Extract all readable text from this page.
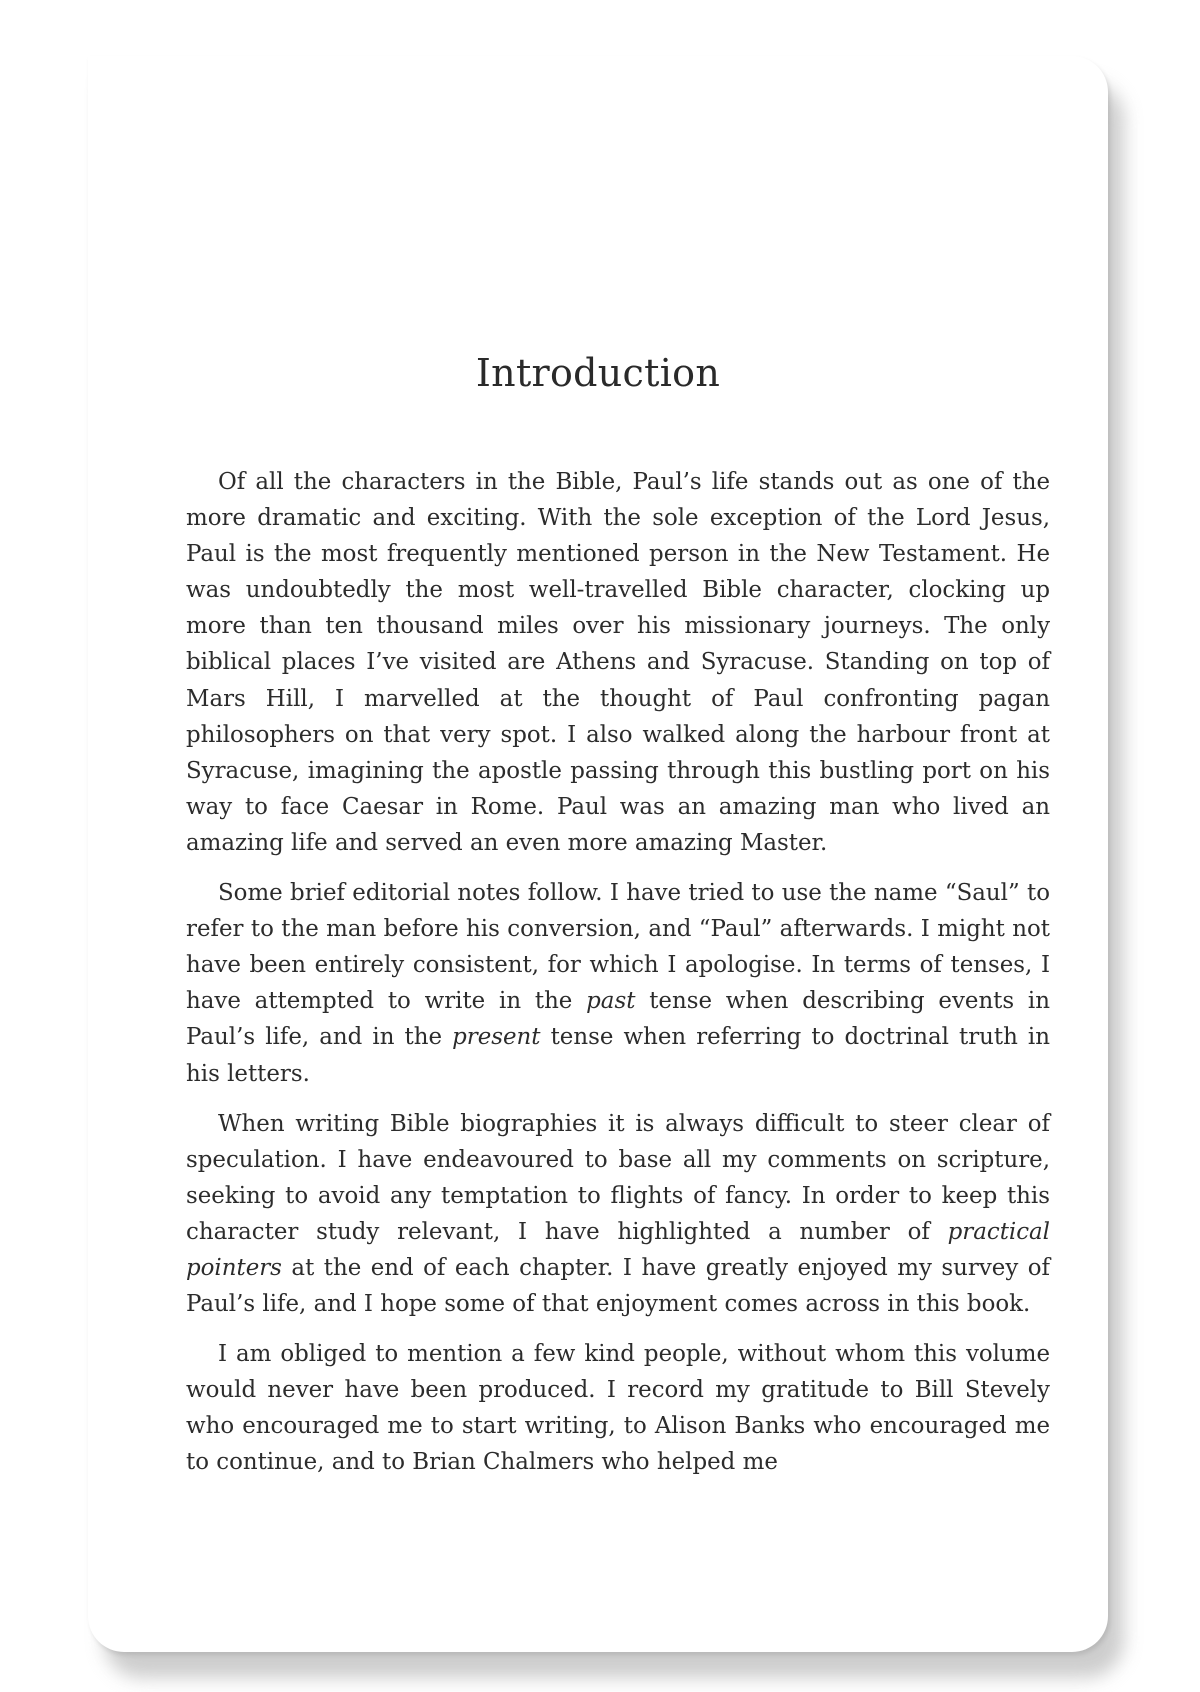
Introduction

Of all the characters in the Bible, Paul’s life stands out as one of the more dramatic and exciting. With the sole exception of the Lord Jesus, Paul is the most frequently mentioned person in the New Testament. He was undoubtedly the most well-travelled Bible character, clocking up more than ten thousand miles over his missionary journeys. The only biblical places I’ve visited are Athens and Syracuse. Standing on top of Mars Hill, I marvelled at the thought of Paul confronting pagan philosophers on that very spot. I also walked along the harbour front at Syracuse, imagining the apostle passing through this bustling port on his way to face Caesar in Rome. Paul was an amazing man who lived an amazing life and served an even more amazing Master.

Some brief editorial notes follow. I have tried to use the name “Saul” to refer to the man before his conversion, and “Paul” afterwards. I might not have been entirely consistent, for which I apologise. In terms of tenses, I have attempted to write in the past tense when describing events in Paul’s life, and in the present tense when referring to doctrinal truth in his letters.

When writing Bible biographies it is always difficult to steer clear of speculation. I have endeavoured to base all my comments on scripture, seeking to avoid any temptation to flights of fancy. In order to keep this character study relevant, I have highlighted a number of practical pointers at the end of each chapter. I have greatly enjoyed my survey of Paul’s life, and I hope some of that enjoyment comes across in this book.

I am obliged to mention a few kind people, without whom this volume would never have been produced. I record my gratitude to Bill Stevely who encouraged me to start writing, to Alison Banks who encouraged me to continue, and to Brian Chalmers who helped me
